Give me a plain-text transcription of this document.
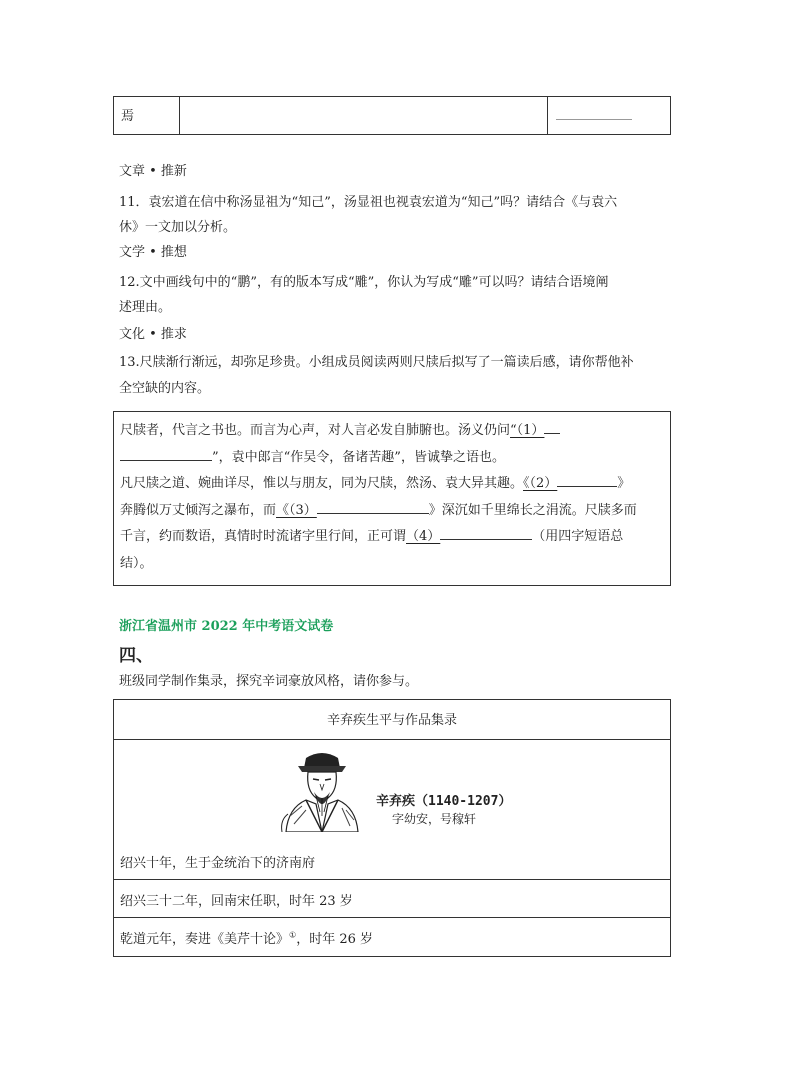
焉
文章 • 推新
11．袁宏道在信中称汤显祖为“知己”，汤显祖也视袁宏道为“知己”吗？请结合《与袁六
休》一文加以分析。
文学 • 推想
12.文中画线句中的“鹏”，有的版本写成“雕”，你认为写成“雕”可以吗？请结合语境阐
述理由。
文化 • 推求
13.尺牍渐行渐远，却弥足珍贵。小组成员阅读两则尺牍后拟写了一篇读后感，请你帮他补
全空缺的内容。
尺牍者，代言之书也。而言为心声，对人言必发自肺腑也。汤义仍问“（1）
”，袁中郎言“作吴令，备诸苦趣”，皆诚挚之语也。
凡尺牍之道、婉曲详尽，惟以与朋友，同为尺牍，然汤、袁大异其趣。《（2）	》
奔腾似万丈倾泻之瀑布，而《（3）	》深沉如千里绵长之涓流。尺牍多而
千言，约而数语，真情时时流诸字里行间，正可谓（4）	（用四字短语总
结）。
浙江省温州市 2022 年中考语文试卷
四、
班级同学制作集录，探究辛词豪放风格，请你参与。
辛弃疾生平与作品集录
辛弃疾（1140-1207）
字幼安，号稼轩
绍兴十年，生于金统治下的济南府
绍兴三十二年，回南宋任职，时年 23 岁
乾道元年，奏进《美芹十论》①，时年 26 岁
